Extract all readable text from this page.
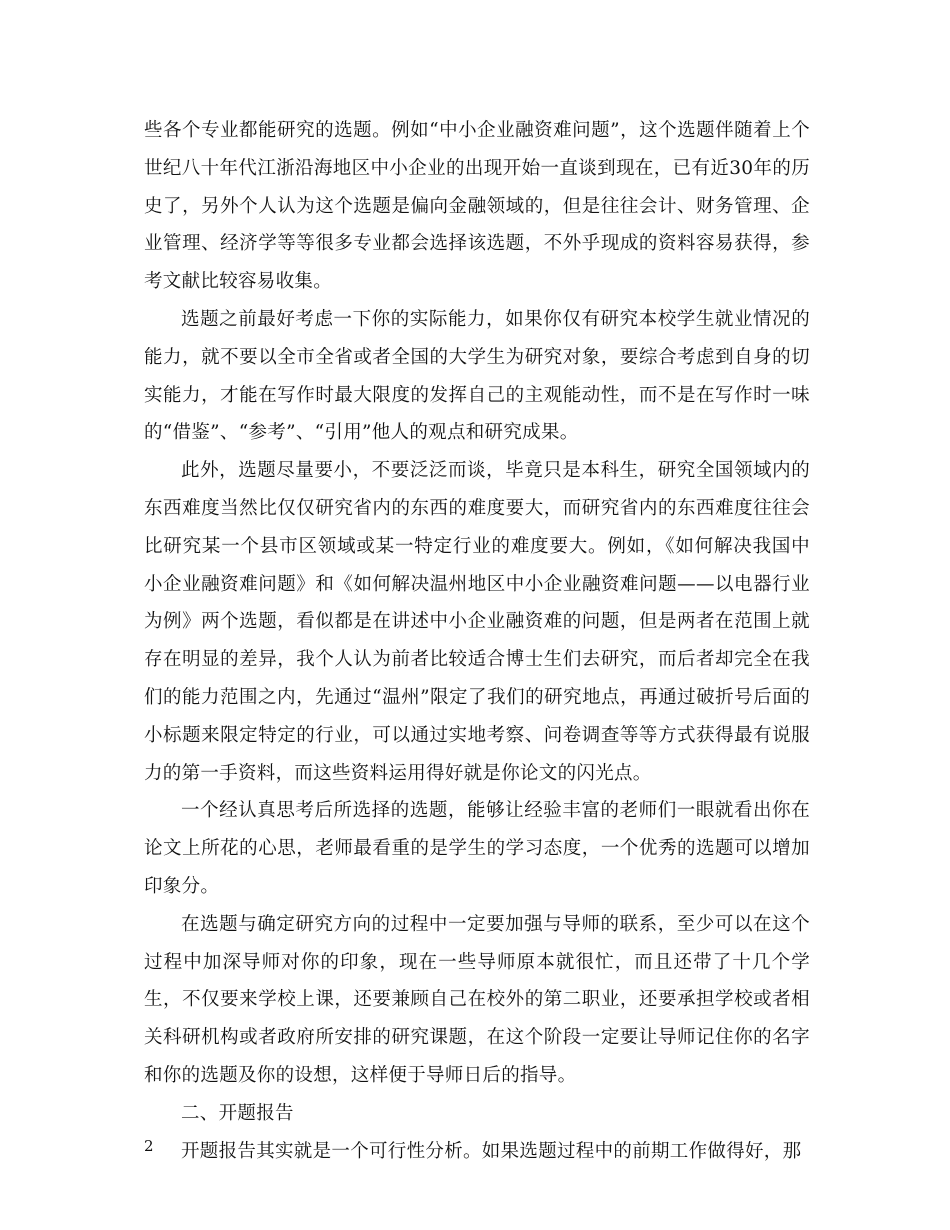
些各个专业都能研究的选题。例如“中小企业融资难问题”，这个选题伴随着上个世纪八十年代江浙沿海地区中小企业的出现开始一直谈到现在，已有近30年的历史了，另外个人认为这个选题是偏向金融领域的，但是往往会计、财务管理、企业管理、经济学等等很多专业都会选择该选题，不外乎现成的资料容易获得，参考文献比较容易收集。

选题之前最好考虑一下你的实际能力，如果你仅有研究本校学生就业情况的能力，就不要以全市全省或者全国的大学生为研究对象，要综合考虑到自身的切实能力，才能在写作时最大限度的发挥自己的主观能动性，而不是在写作时一味的“借鉴”、“参考”、“引用”他人的观点和研究成果。

此外，选题尽量要小，不要泛泛而谈，毕竟只是本科生，研究全国领域内的东西难度当然比仅仅研究省内的东西的难度要大，而研究省内的东西难度往往会比研究某一个县市区领域或某一特定行业的难度要大。例如，《如何解决我国中小企业融资难问题》和《如何解决温州地区中小企业融资难问题——以电器行业为例》两个选题，看似都是在讲述中小企业融资难的问题，但是两者在范围上就存在明显的差异，我个人认为前者比较适合博士生们去研究，而后者却完全在我们的能力范围之内，先通过“温州”限定了我们的研究地点，再通过破折号后面的小标题来限定特定的行业，可以通过实地考察、问卷调查等等方式获得最有说服力的第一手资料，而这些资料运用得好就是你论文的闪光点。

一个经认真思考后所选择的选题，能够让经验丰富的老师们一眼就看出你在论文上所花的心思，老师最看重的是学生的学习态度，一个优秀的选题可以增加印象分。

在选题与确定研究方向的过程中一定要加强与导师的联系，至少可以在这个过程中加深导师对你的印象，现在一些导师原本就很忙，而且还带了十几个学生，不仅要来学校上课，还要兼顾自己在校外的第二职业，还要承担学校或者相关科研机构或者政府所安排的研究课题，在这个阶段一定要让导师记住你的名字和你的选题及你的设想，这样便于导师日后的指导。

二、开题报告

开题报告其实就是一个可行性分析。如果选题过程中的前期工作做得好，那

2
